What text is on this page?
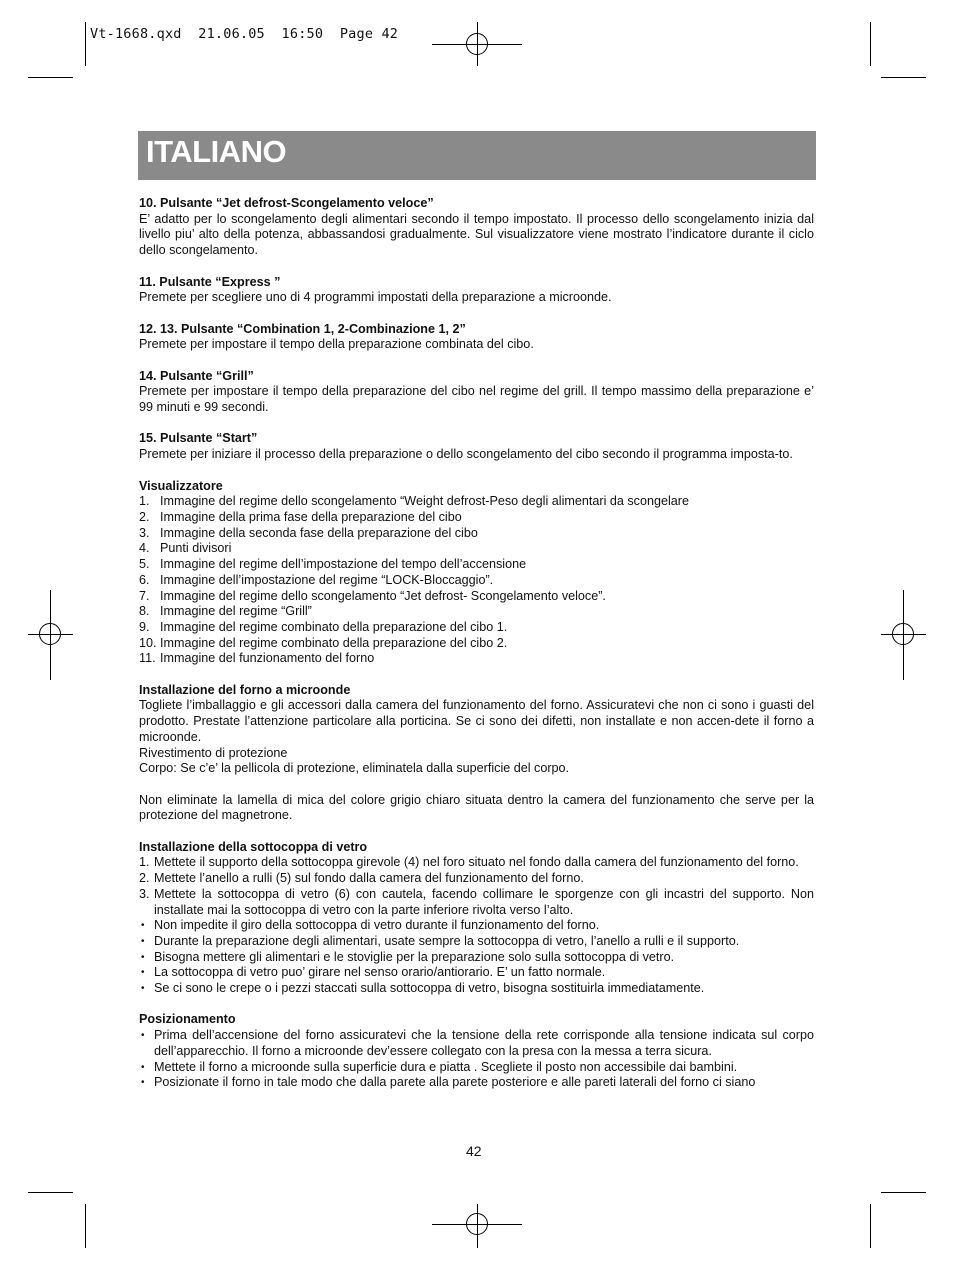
Vt-1668.qxd  21.06.05  16:50  Page 42
ITALIANO

10. Pulsante “Jet defrost-Scongelamento veloce”

E’ adatto per lo scongelamento degli alimentari secondo il tempo impostato. Il processo dello scongelamento inizia dal livello piu’ alto della potenza, abbassandosi gradualmente. Sul visualizzatore viene mostrato l’indicatore durante il ciclo dello scongelamento.

11. Pulsante “Express ”

Premete per scegliere uno di 4 programmi impostati della preparazione a microonde.

12. 13. Pulsante “Combination 1, 2-Combinazione 1, 2”

Premete per impostare il tempo della preparazione combinata del cibo.

14. Pulsante “Grill”

Premete per impostare il tempo della preparazione del cibo nel regime del grill. Il tempo massimo della preparazione e’ 99 minuti e 99 secondi.

15. Pulsante “Start”

Premete per iniziare il processo della preparazione o dello scongelamento del cibo secondo il programma imposta-to.

Visualizzatore

1. Immagine del regime dello scongelamento “Weight defrost-Peso degli alimentari da scongelare
2. Immagine della prima fase della preparazione del cibo
3. Immagine della seconda fase della preparazione del cibo
4. Punti divisori
5. Immagine del regime dell’impostazione del tempo dell’accensione
6. Immagine dell’impostazione del regime “LOCK-Bloccaggio”.
7. Immagine del regime dello scongelamento “Jet defrost- Scongelamento veloce”.
8. Immagine del regime “Grill”
9. Immagine del regime combinato della preparazione del cibo 1.
10. Immagine del regime combinato della preparazione del cibo 2.
11. Immagine del funzionamento del forno

Installazione del forno a microonde

Togliete l’imballaggio e gli accessori dalla camera del funzionamento del forno. Assicuratevi che non ci sono i guasti del prodotto. Prestate l’attenzione particolare alla porticina. Se ci sono dei difetti, non installate e non accen-dete il forno a microonde.

Rivestimento di protezione

Corpo: Se c’e’ la pellicola di protezione, eliminatela dalla superficie del corpo.

Non eliminate la lamella di mica del colore grigio chiaro situata dentro la camera del funzionamento che serve per la protezione del magnetrone.

Installazione della sottocoppa di vetro

1. Mettete il supporto della sottocoppa girevole (4) nel foro situato nel fondo dalla camera del funzionamento del forno.
2. Mettete l’anello a rulli (5) sul fondo dalla camera del funzionamento del forno.
3. Mettete la sottocoppa di vetro (6) con cautela, facendo collimare le sporgenze con gli incastri del supporto. Non installate mai la sottocoppa di vetro con la parte inferiore rivolta verso l’alto.
• Non impedite il giro della sottocoppa di vetro durante il funzionamento del forno.
• Durante la preparazione degli alimentari, usate sempre la sottocoppa di vetro, l’anello a rulli e il supporto.
• Bisogna mettere gli alimentari e le stoviglie per la preparazione solo sulla sottocoppa di vetro.
• La sottocoppa di vetro puo’ girare nel senso orario/antiorario. E’ un fatto normale.
• Se ci sono le crepe o i pezzi staccati sulla sottocoppa di vetro, bisogna sostituirla immediatamente.

Posizionamento

• Prima dell’accensione del forno assicuratevi che la tensione della rete corrisponde alla tensione indicata sul corpo dell’apparecchio. Il forno a microonde dev’essere collegato con la presa con la messa a terra sicura.
• Mettete il forno a microonde sulla superficie dura e piatta . Scegliete il posto non accessibile dai bambini.
• Posizionate il forno in tale modo che dalla parete alla parete posteriore e alle pareti laterali del forno ci siano
42
